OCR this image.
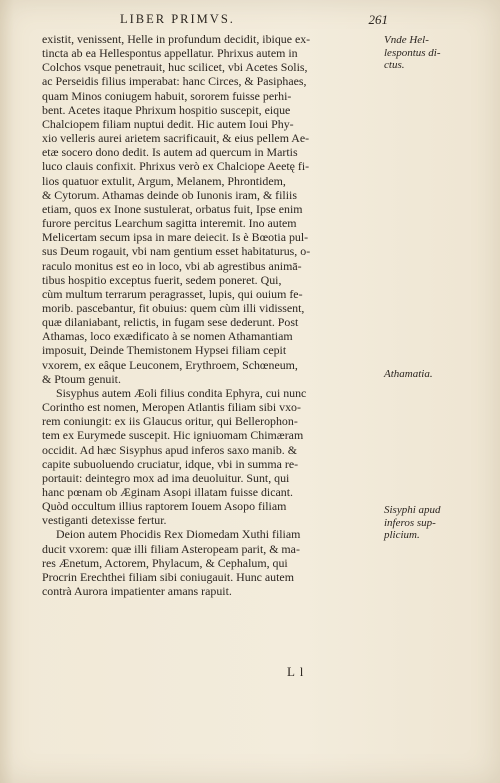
LIBER PRIMVS.	261

existit, venissent, Helle in profundum decidit, ibique ex-
tincta ab ea Hellespontus appellatur. Phrixus autem in
Colchos vsque penetrauit, huc scilicet, vbi Acetes Solis,
ac Perseidis filius imperabat: hanc Circes, & Pasiphaes,
quam Minos coniugem habuit, sororem fuisse perhi-
bent. Acetes itaque Phrixum hospitio suscepit, eique
Chalciopem filiam nuptui dedit. Hic autem Ioui Phy-
xio velleris aurei arietem sacrificauit, & eius pellem Ae-
etæ socero dono dedit. Is autem ad quercum in Martis
luco clauis confixit. Phrixus verò ex Chalciope Aeetę fi-
lios quatuor extulit, Argum, Melanem, Phrontidem,
& Cytorum. Athamas deinde ob Iunonis iram, & filiis
etiam, quos ex Inone sustulerat, orbatus fuit, Ipse enim
furore percitus Learchum sagitta interemit. Ino autem
Melicertam secum ipsa in mare deiecit. Is è Bœotia pul-
sus Deum rogauit, vbi nam gentium esset habitaturus, o-
raculo monitus est eo in loco, vbi ab agrestibus animā-
tibus hospitio exceptus fuerit, sedem poneret. Qui,
cùm multum terrarum peragrasset, lupis, qui ouium fe-
morib. pascebantur, fit obuius: quem cùm illi vidissent,
quæ dilaniabant, relictis, in fugam sese dederunt. Post
Athamas, loco exædificato à se nomen Athamantiam
imposuit, Deinde Themistonem Hypsei filiam cepit
vxorem, ex eâque Leuconem, Erythroem, Schœneum,
& Ptoum genuit.

Sisyphus autem Æoli filius condita Ephyra, cui nunc
Corintho est nomen, Meropen Atlantis filiam sibi vxo-
rem coniungit: ex iis Glaucus oritur, qui Bellerophon-
tem ex Eurymede suscepit. Hic igniuomam Chimæram
occidit. Ad hæc Sisyphus apud inferos saxo manib. &
capite subuoluendo cruciatur, idque, vbi in summa re-
portauit: deintegro mox ad ima deuoluitur. Sunt, qui
hanc pœnam ob Æginam Asopi illatam fuisse dicant.
Quòd occultum illius raptorem Iouem Asopo filiam
vestiganti detexisse fertur.

Deion autem Phocidis Rex Diomedam Xuthi filiam
ducit vxorem: quæ illi filiam Asteropeam parit, & ma-
res Ænetum, Actorem, Phylacum, & Cephalum, qui
Procrin Erechthei filiam sibi coniugauit. Hunc autem
contrà Aurora impatienter amans rapuit.

L l
Vnde Hel-
lespontus di-
ctus.
Athamatia.
Sisyphi apud
inferos sup-
plicium.
